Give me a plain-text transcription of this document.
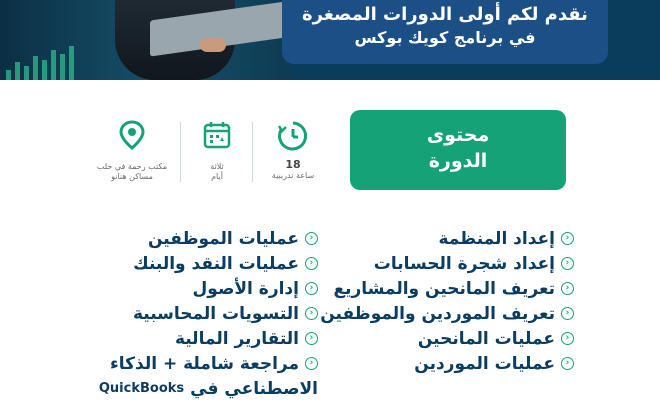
نقدم لكم أولى الدورات المصغرة
في برنامج كويك بوكس
مكتب رحمة في حلب
مساكن هنانو
ثلاثة
أيام
18
ساعة تدريبية
محتوى
الدورة
‹
إعداد المنظمة
‹
إعداد شجرة الحسابات
‹
تعريف المانحين والمشاريع
‹
تعريف الموردين والموظفين
‹
عمليات المانحين
‹
عمليات الموردين
‹
عمليات الموظفين
‹
عمليات النقد والبنك
‹
إدارة الأصول
‹
التسويات المحاسبية
‹
التقارير المالية
‹
مراجعة شاملة + الذكاء
الاصطناعي في
QuickBooks
